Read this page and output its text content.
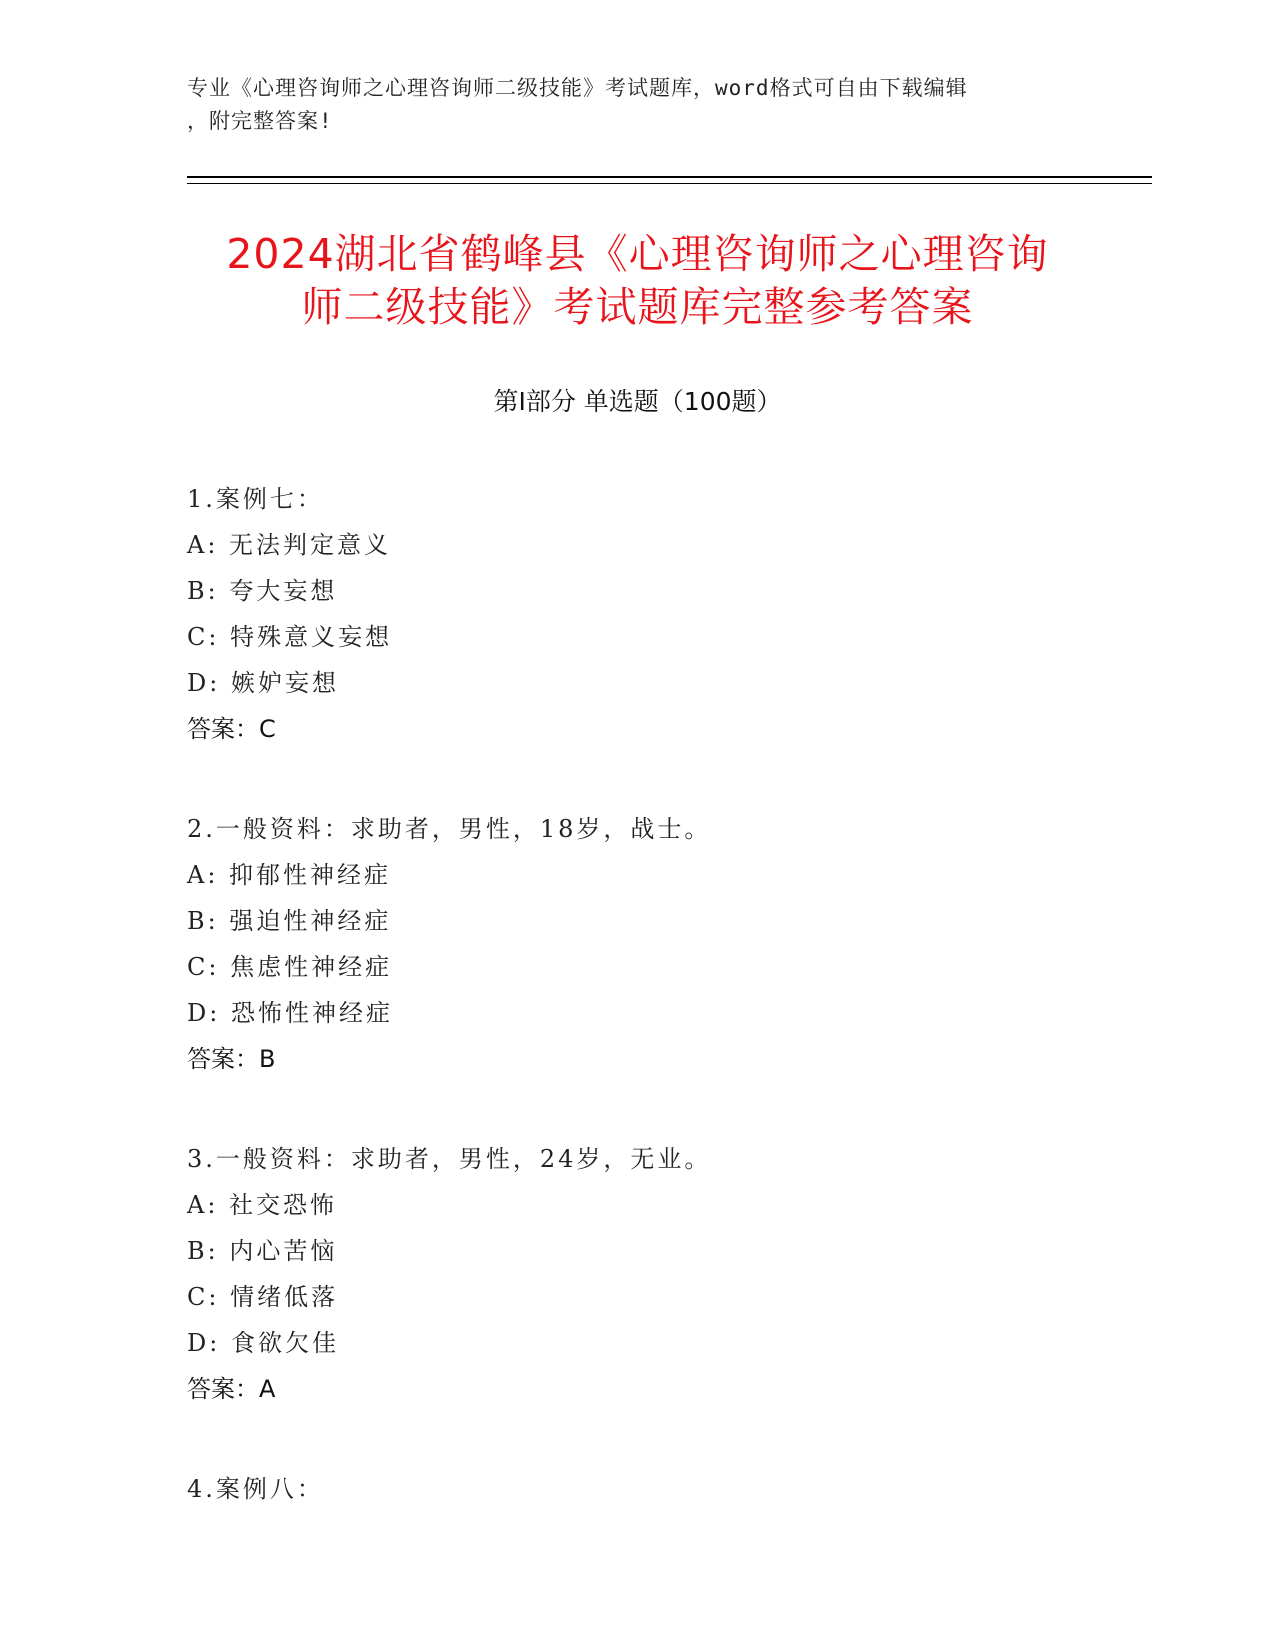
专业《心理咨询师之心理咨询师二级技能》考试题库，word格式可自由下载编辑
，附完整答案!
2024湖北省鹤峰县《心理咨询师之心理咨询
师二级技能》考试题库完整参考答案
第Ⅰ部分 单选题（100题）
1.案例七：
A: 无法判定意义
B: 夸大妄想
C: 特殊意义妄想
D: 嫉妒妄想
答案：C
2.一般资料：求助者，男性，18岁，战士。
A: 抑郁性神经症
B: 强迫性神经症
C: 焦虑性神经症
D: 恐怖性神经症
答案：B
3.一般资料：求助者，男性，24岁，无业。
A: 社交恐怖
B: 内心苦恼
C: 情绪低落
D: 食欲欠佳
答案：A
4.案例八：
